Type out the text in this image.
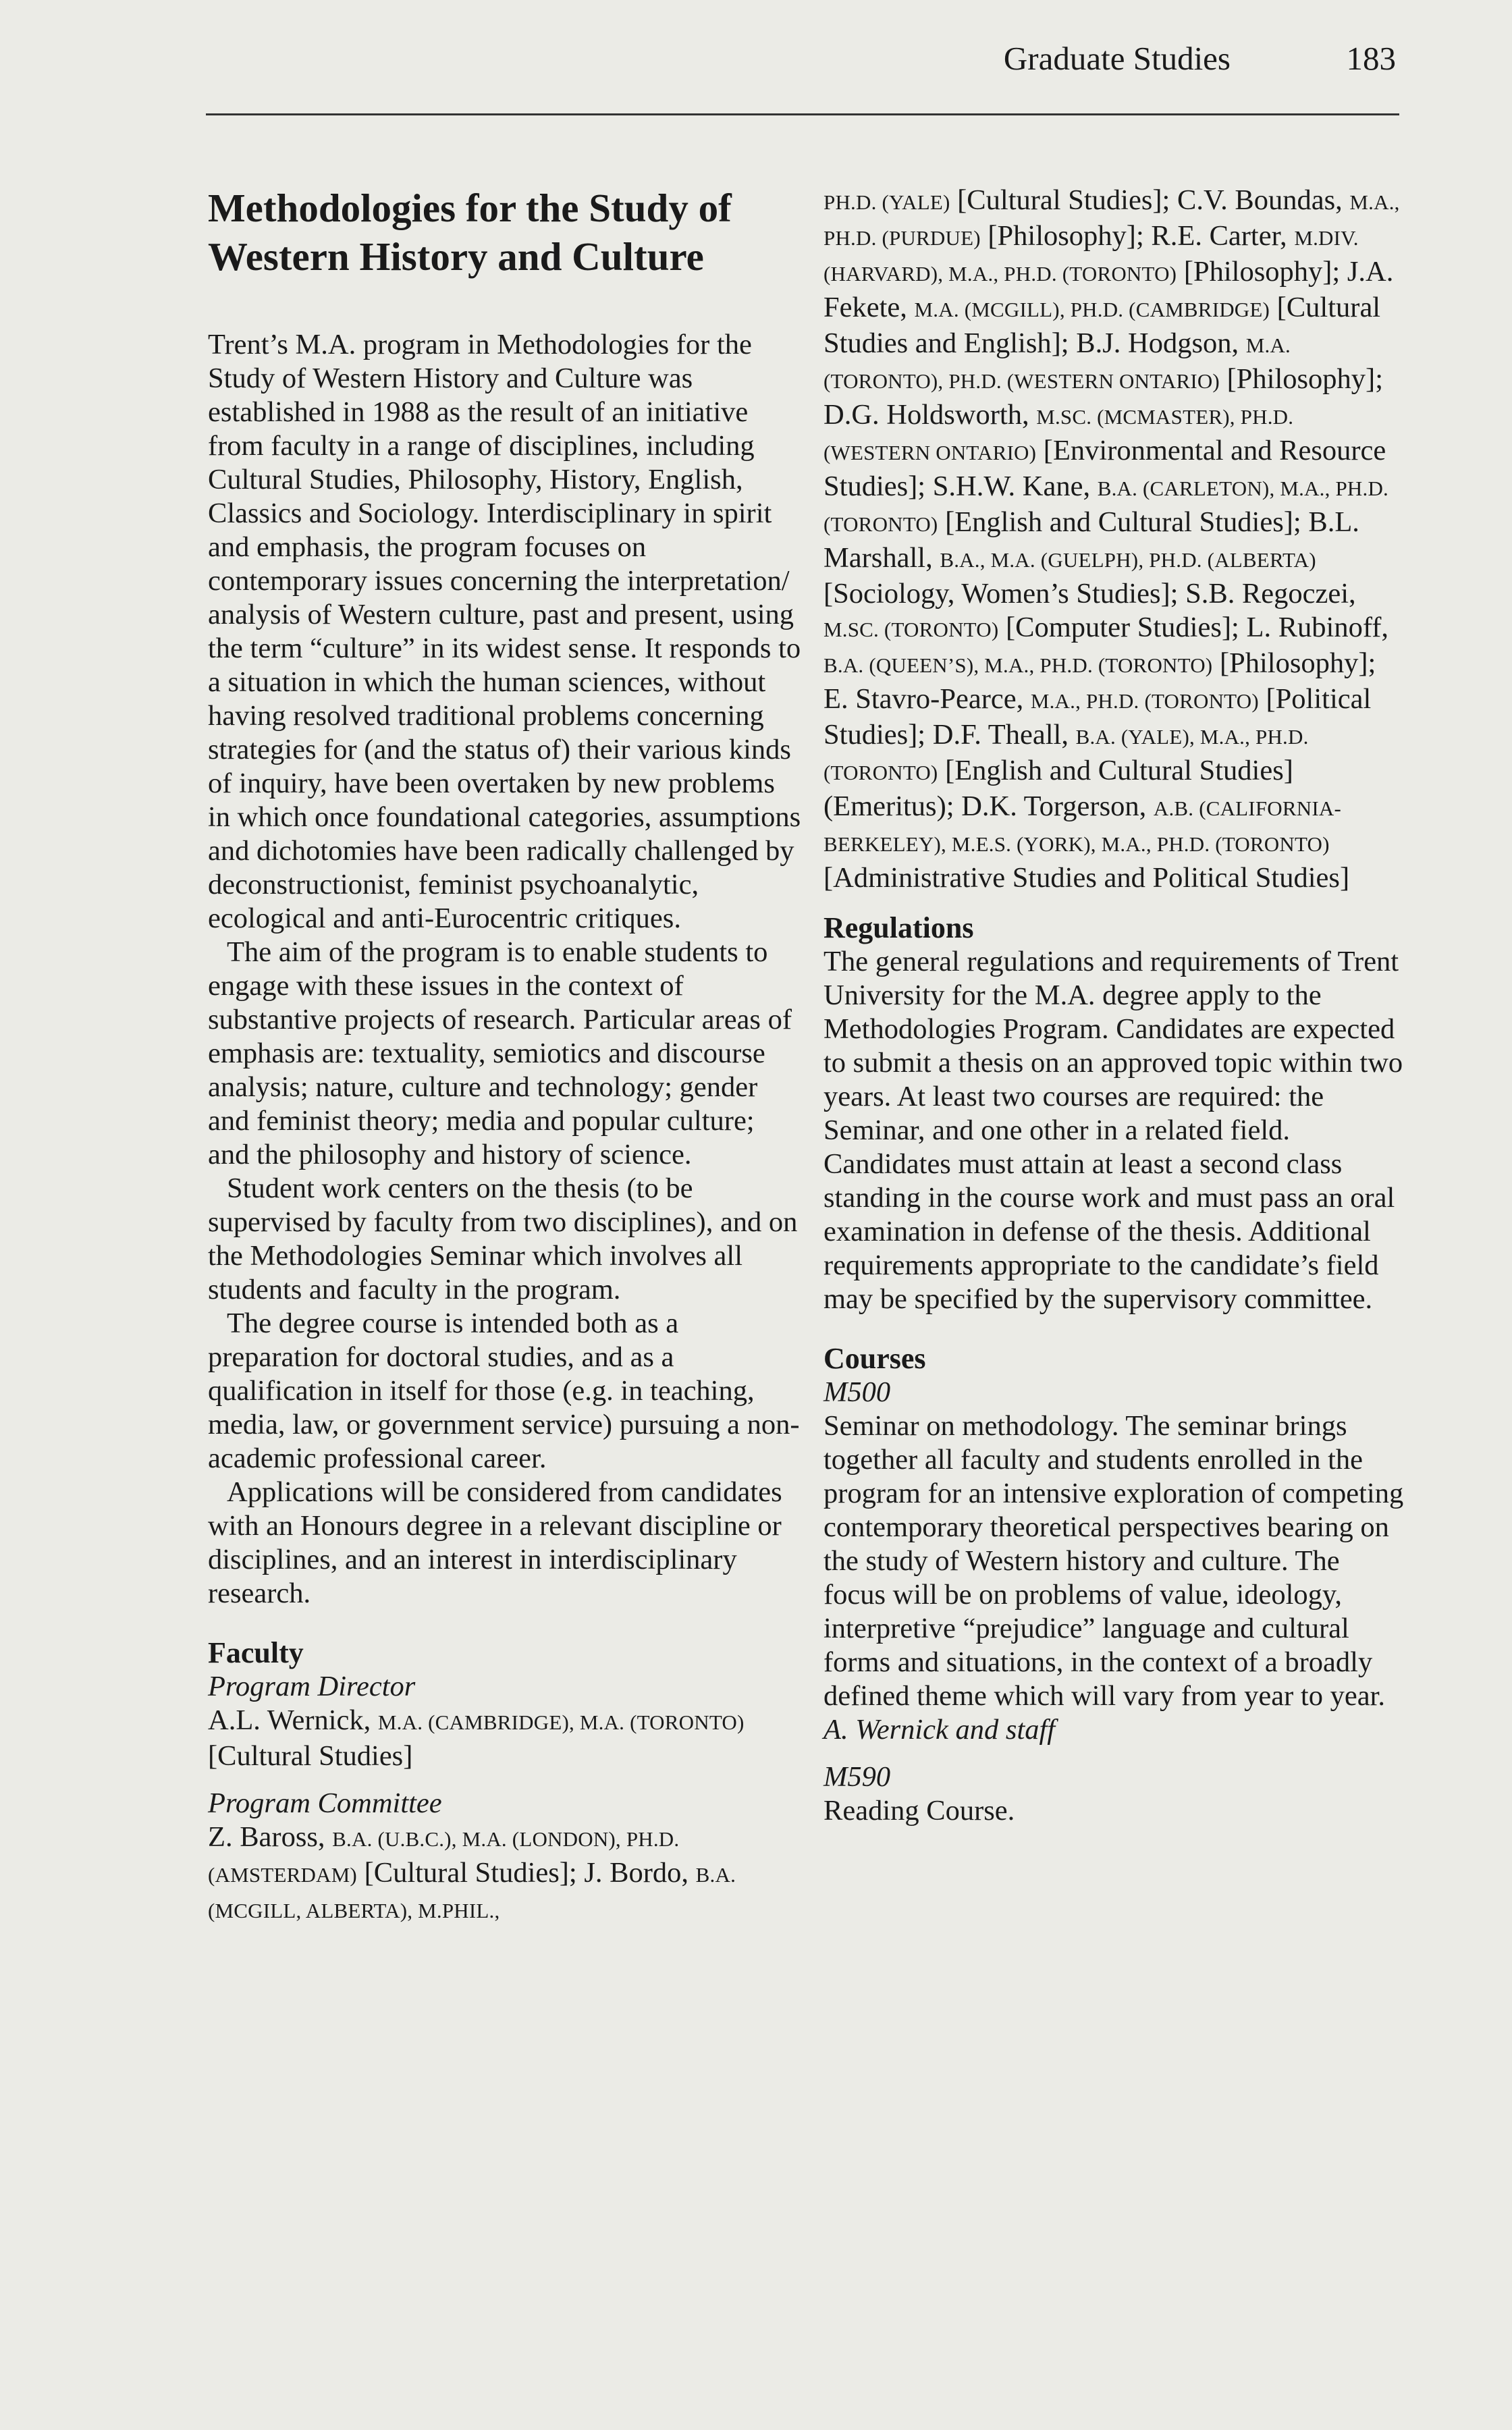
Graduate Studies	183
Methodologies for the Study of Western History and Culture

Trent’s M.A. program in Methodologies for the Study of Western History and Culture was established in 1988 as the result of an initiative from faculty in a range of disciplines, including Cultural Studies, Philosophy, History, English, Classics and Sociology. Interdisciplinary in spirit and emphasis, the program focuses on contemporary issues concerning the interpretation/ analysis of Western culture, past and present, using the term “culture” in its widest sense. It responds to a situation in which the human sciences, without having resolved traditional problems concerning strategies for (and the status of) their various kinds of inquiry, have been overtaken by new problems in which once foundational categories, assumptions and dichotomies have been radically challenged by deconstructionist, feminist psychoanalytic, ecological and anti-Eurocentric critiques.

The aim of the program is to enable students to engage with these issues in the context of substantive projects of research. Particular areas of emphasis are: textuality, semiotics and discourse analysis; nature, culture and technology; gender and feminist theory; media and popular culture; and the philosophy and history of science.

Student work centers on the thesis (to be supervised by faculty from two disciplines), and on the Methodologies Seminar which involves all students and faculty in the program.

The degree course is intended both as a preparation for doctoral studies, and as a qualification in itself for those (e.g. in teaching, media, law, or government service) pursuing a non-academic professional career.

Applications will be considered from candidates with an Honours degree in a relevant discipline or disciplines, and an interest in interdisciplinary research.

Faculty
Program Director

A.L. Wernick, M.A. (CAMBRIDGE), M.A. (TORONTO) [Cultural Studies]

Program Committee

Z. Baross, B.A. (U.B.C.), M.A. (LONDON), PH.D.(AMSTERDAM) [Cultural Studies]; J. Bordo, B.A. (MCGILL, ALBERTA), M.PHIL.,

PH.D. (YALE) [Cultural Studies]; C.V. Boundas, M.A., PH.D. (PURDUE) [Philosophy]; R.E. Carter, M.DIV. (HARVARD), M.A., PH.D. (TORONTO) [Philosophy]; J.A. Fekete, M.A. (MCGILL), PH.D. (CAMBRIDGE) [Cultural Studies and English]; B.J. Hodgson, M.A. (TORONTO), PH.D. (WESTERN ONTARIO) [Philosophy]; D.G. Holdsworth, M.SC. (MCMASTER), PH.D. (WESTERN ONTARIO) [Environmental and Resource Studies]; S.H.W. Kane, B.A. (CARLETON), M.A., PH.D. (TORONTO) [English and Cultural Studies]; B.L. Marshall, B.A., M.A. (GUELPH), PH.D. (ALBERTA) [Sociology, Women’s Studies]; S.B. Regoczei, M.SC. (TORONTO) [Computer Studies]; L. Rubinoff, B.A. (QUEEN’S), M.A., PH.D. (TORONTO) [Philosophy]; E. Stavro-Pearce, M.A., PH.D. (TORONTO) [Political Studies]; D.F. Theall, B.A. (YALE), M.A., PH.D. (TORONTO) [English and Cultural Studies](Emeritus); D.K. Torgerson, A.B. (CALIFORNIA-BERKELEY), M.E.S. (YORK), M.A., PH.D. (TORONTO) [Administrative Studies and Political Studies]

Regulations

The general regulations and requirements of Trent University for the M.A. degree apply to the Methodologies Program. Candidates are expected to submit a thesis on an approved topic within two years. At least two courses are required: the Seminar, and one other in a related field. Candidates must attain at least a second class standing in the course work and must pass an oral examination in defense of the thesis. Additional requirements appropriate to the candidate’s field may be specified by the supervisory committee.

Courses
M500

Seminar on methodology. The seminar brings together all faculty and students enrolled in the program for an intensive exploration of competing contemporary theoretical perspectives bearing on the study of Western history and culture. The focus will be on problems of value, ideology, interpretive “prejudice” language and cultural forms and situations, in the context of a broadly defined theme which will vary from year to year.

A. Wernick and staff
M590

Reading Course.
